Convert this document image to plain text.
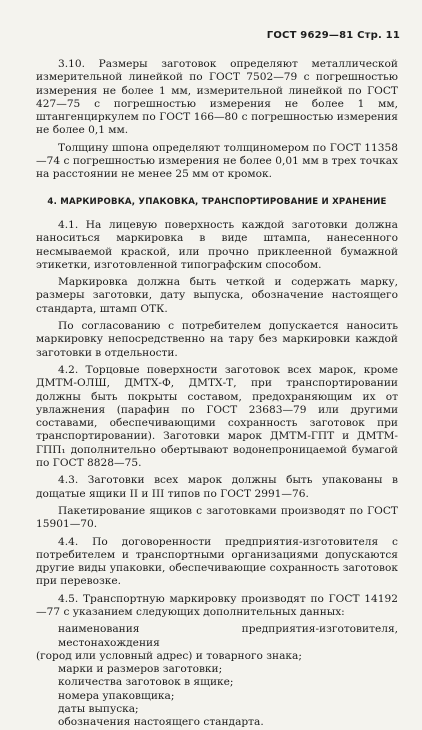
ГОСТ 9629—81 Стр. 11

3.10. Размеры заготовок определяют металлической измерительной линейкой по ГОСТ 7502—79 с погрешностью измерения не более 1 мм, измерительной линейкой по ГОСТ 427—75 с погрешностью измерения не более 1 мм, штангенциркулем по ГОСТ 166—80 с погрешностью измерения не более 0,1 мм.

Толщину шпона определяют толщиномером по ГОСТ 11358—74 с погрешностью измерения не более 0,01 мм в трех точках на расстоянии не менее 25 мм от кромок.

4. МАРКИРОВКА, УПАКОВКА, ТРАНСПОРТИРОВАНИЕ И ХРАНЕНИЕ

4.1. На лицевую поверхность каждой заготовки должна наноситься маркировка в виде штампа, нанесенного несмываемой краской, или прочно приклеенной бумажной этикетки, изготовленной типографским способом.

Маркировка должна быть четкой и содержать марку, размеры заготовки, дату выпуска, обозначение настоящего стандарта, штамп ОТК.

По согласованию с потребителем допускается наносить маркировку непосредственно на тару без маркировки каждой заготовки в отдельности.

4.2. Торцовые поверхности заготовок всех марок, кроме ДМТМ-ОЛШ, ДМТХ-Ф, ДМТХ-Т, при транспортировании должны быть покрыты составом, предохраняющим их от увлажнения (парафин по ГОСТ 23683—79 или другими составами, обеспечивающими сохранность заготовок при транспортировании). Заготовки марок ДМТМ-ГПТ и ДМТМ-ГПП₁ дополнительно обертывают водонепроницаемой бумагой по ГОСТ 8828—75.

4.3. Заготовки всех марок должны быть упакованы в дощатые ящики II и III типов по ГОСТ 2991—76.

Пакетирование ящиков с заготовками производят по ГОСТ 15901—70.

4.4. По договоренности предприятия-изготовителя с потребителем и транспортными организациями допускаются другие виды упаковки, обеспечивающие сохранность заготовок при перевозке.

4.5. Транспортную маркировку производят по ГОСТ 14192—77 с указанием следующих дополнительных данных:

наименования предприятия-изготовителя, местонахождения
(город или условный адрес) и товарного знака;
марки и размеров заготовки;
количества заготовок в ящике;
номера упаковщика;
даты выпуска;
обозначения настоящего стандарта.
